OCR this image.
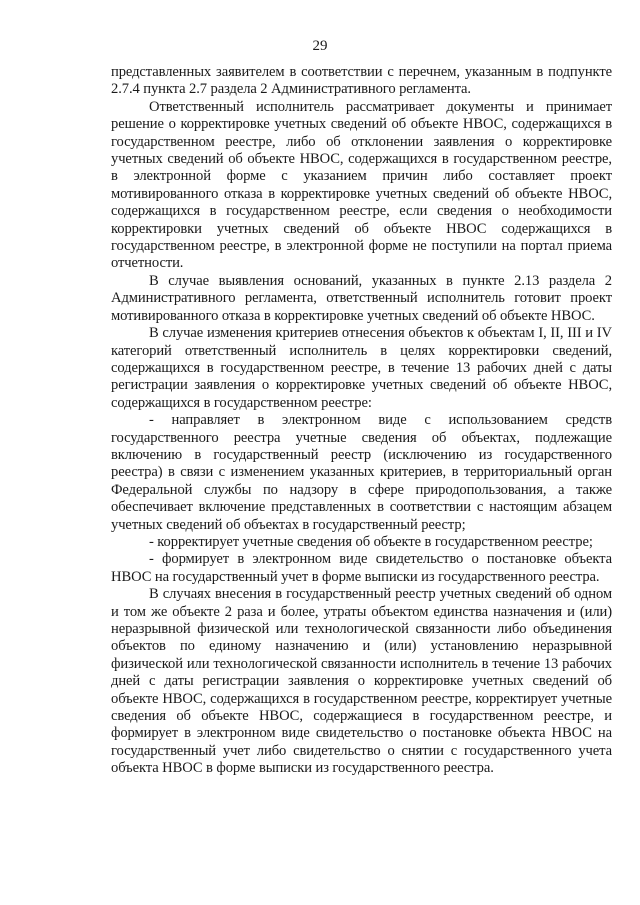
29

представленных заявителем в соответствии с перечнем, указанным в подпункте 2.7.4 пункта 2.7 раздела 2 Административного регламента.

Ответственный исполнитель рассматривает документы и принимает решение о корректировке учетных сведений об объекте НВОС, содержащихся в государственном реестре, либо об отклонении заявления о корректировке учетных сведений об объекте НВОС, содержащихся в государственном реестре, в электронной форме с указанием причин либо составляет проект мотивированного отказа в корректировке учетных сведений об объекте НВОС, содержащихся в государственном реестре, если сведения о необходимости корректировки учетных сведений об объекте НВОС содержащихся в государственном реестре, в электронной форме не поступили на портал приема отчетности.

В случае выявления оснований, указанных в пункте 2.13 раздела 2 Административного регламента, ответственный исполнитель готовит проект мотивированного отказа в корректировке учетных сведений об объекте НВОС.

В случае изменения критериев отнесения объектов к объектам I, II, III и IV категорий ответственный исполнитель в целях корректировки сведений, содержащихся в государственном реестре, в течение 13 рабочих дней с даты регистрации заявления о корректировке учетных сведений об объекте НВОС, содержащихся в государственном реестре:

- направляет в электронном виде с использованием средств государственного реестра учетные сведения об объектах, подлежащие включению в государственный реестр (исключению из государственного реестра) в связи с изменением указанных критериев, в территориальный орган Федеральной службы по надзору в сфере природопользования, а также обеспечивает включение представленных в соответствии с настоящим абзацем учетных сведений об объектах в государственный реестр;

- корректирует учетные сведения об объекте в государственном реестре;

- формирует в электронном виде свидетельство о постановке объекта НВОС на государственный учет в форме выписки из государственного реестра.

В случаях внесения в государственный реестр учетных сведений об одном и том же объекте 2 раза и более, утраты объектом единства назначения и (или) неразрывной физической или технологической связанности либо объединения объектов по единому назначению и (или) установлению неразрывной физической или технологической связанности исполнитель в течение 13 рабочих дней с даты регистрации заявления о корректировке учетных сведений об объекте НВОС, содержащихся в государственном реестре, корректирует учетные сведения об объекте НВОС, содержащиеся в государственном реестре, и формирует в электронном виде свидетельство о постановке объекта НВОС на государственный учет либо свидетельство о снятии с государственного учета объекта НВОС в форме выписки из государственного реестра.
